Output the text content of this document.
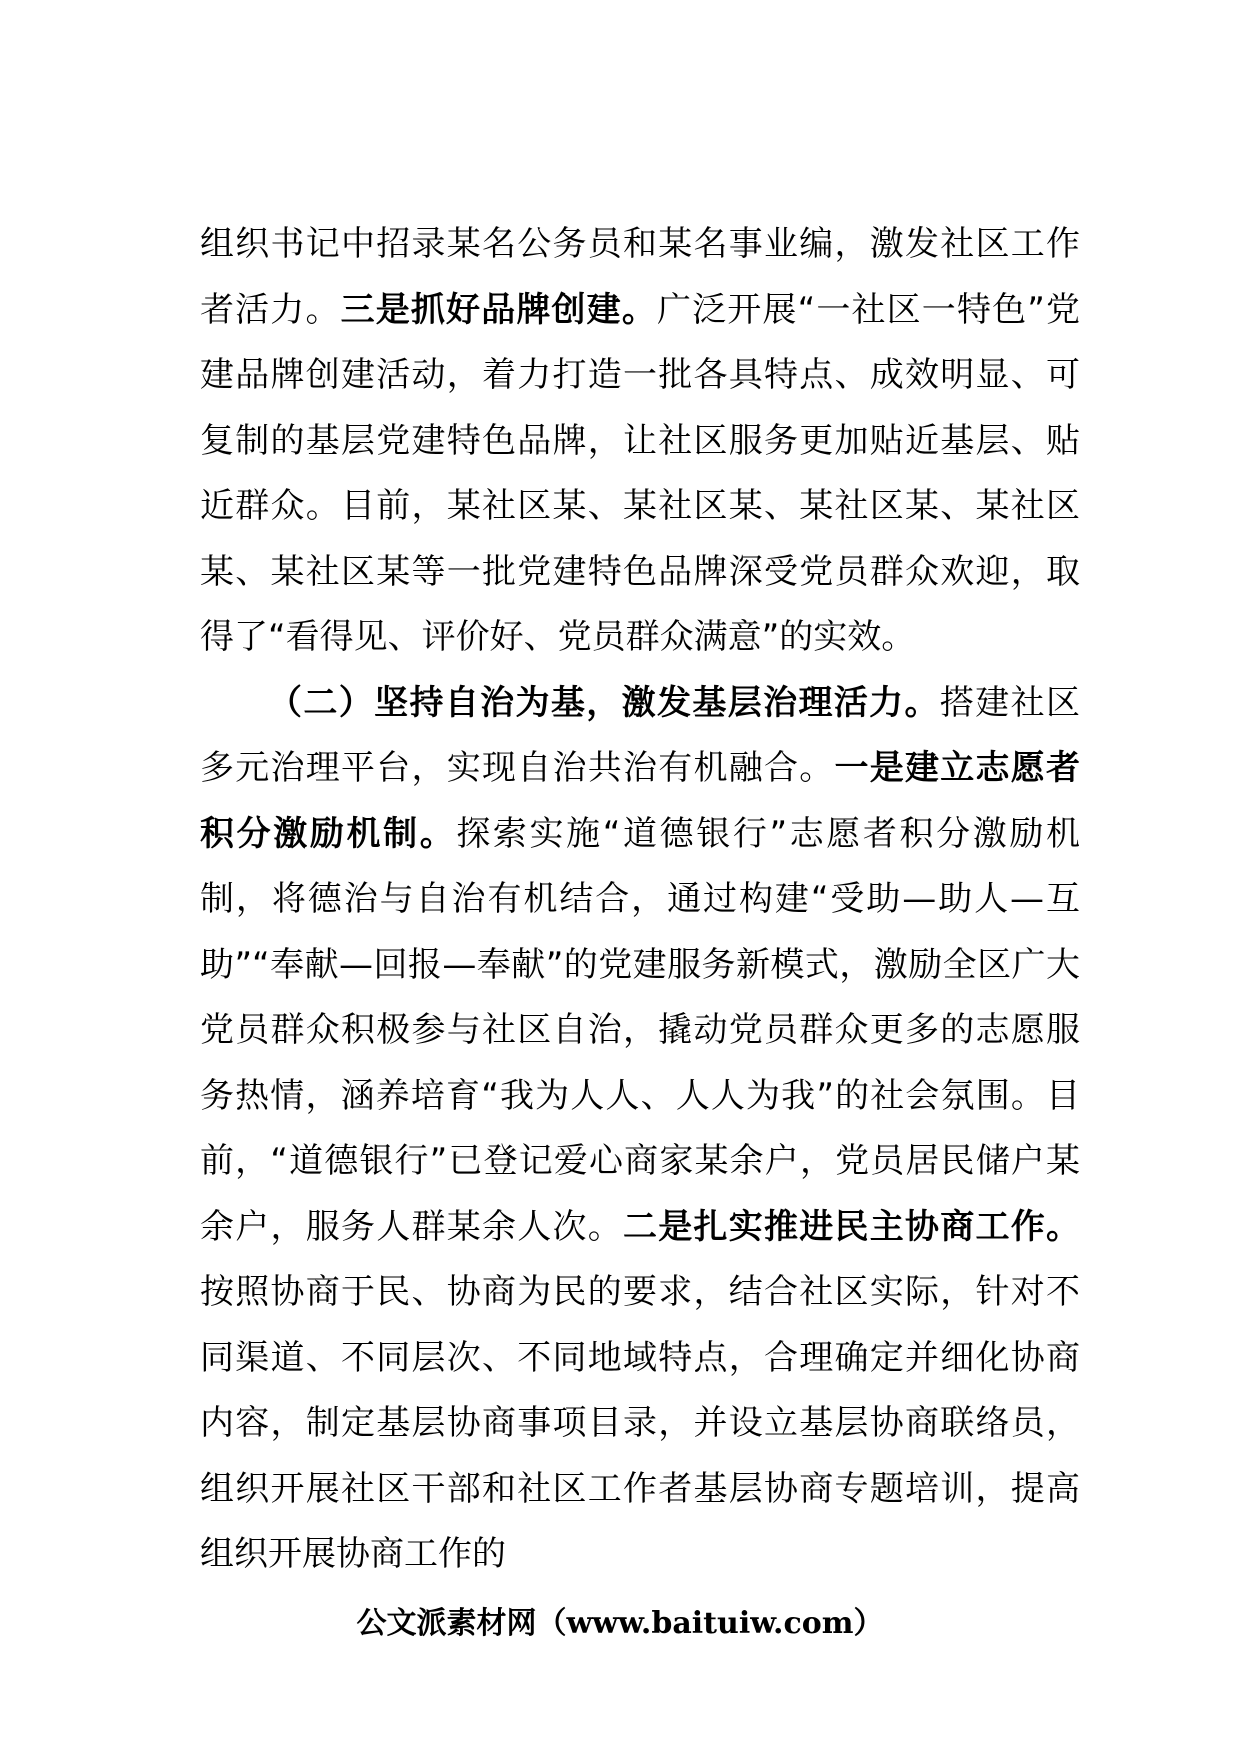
组织书记中招录某名公务员和某名事业编，激发社区工作者活力。三是抓好品牌创建。广泛开展“一社区一特色”党建品牌创建活动，着力打造一批各具特点、成效明显、可复制的基层党建特色品牌，让社区服务更加贴近基层、贴近群众。目前，某社区某、某社区某、某社区某、某社区某、某社区某等一批党建特色品牌深受党员群众欢迎，取得了“看得见、评价好、党员群众满意”的实效。

（二）坚持自治为基，激发基层治理活力。搭建社区多元治理平台，实现自治共治有机融合。一是建立志愿者积分激励机制。探索实施“道德银行”志愿者积分激励机制，将德治与自治有机结合，通过构建“受助—助人—互助”“奉献—回报—奉献”的党建服务新模式，激励全区广大党员群众积极参与社区自治，撬动党员群众更多的志愿服务热情，涵养培育“我为人人、人人为我”的社会氛围。目前，“道德银行”已登记爱心商家某余户，党员居民储户某余户，服务人群某余人次。二是扎实推进民主协商工作。按照协商于民、协商为民的要求，结合社区实际，针对不同渠道、不同层次、不同地域特点，合理确定并细化协商内容，制定基层协商事项目录，并设立基层协商联络员，组织开展社区干部和社区工作者基层协商专题培训，提高组织开展协商工作的

公文派素材网（www.baituiw.com）
